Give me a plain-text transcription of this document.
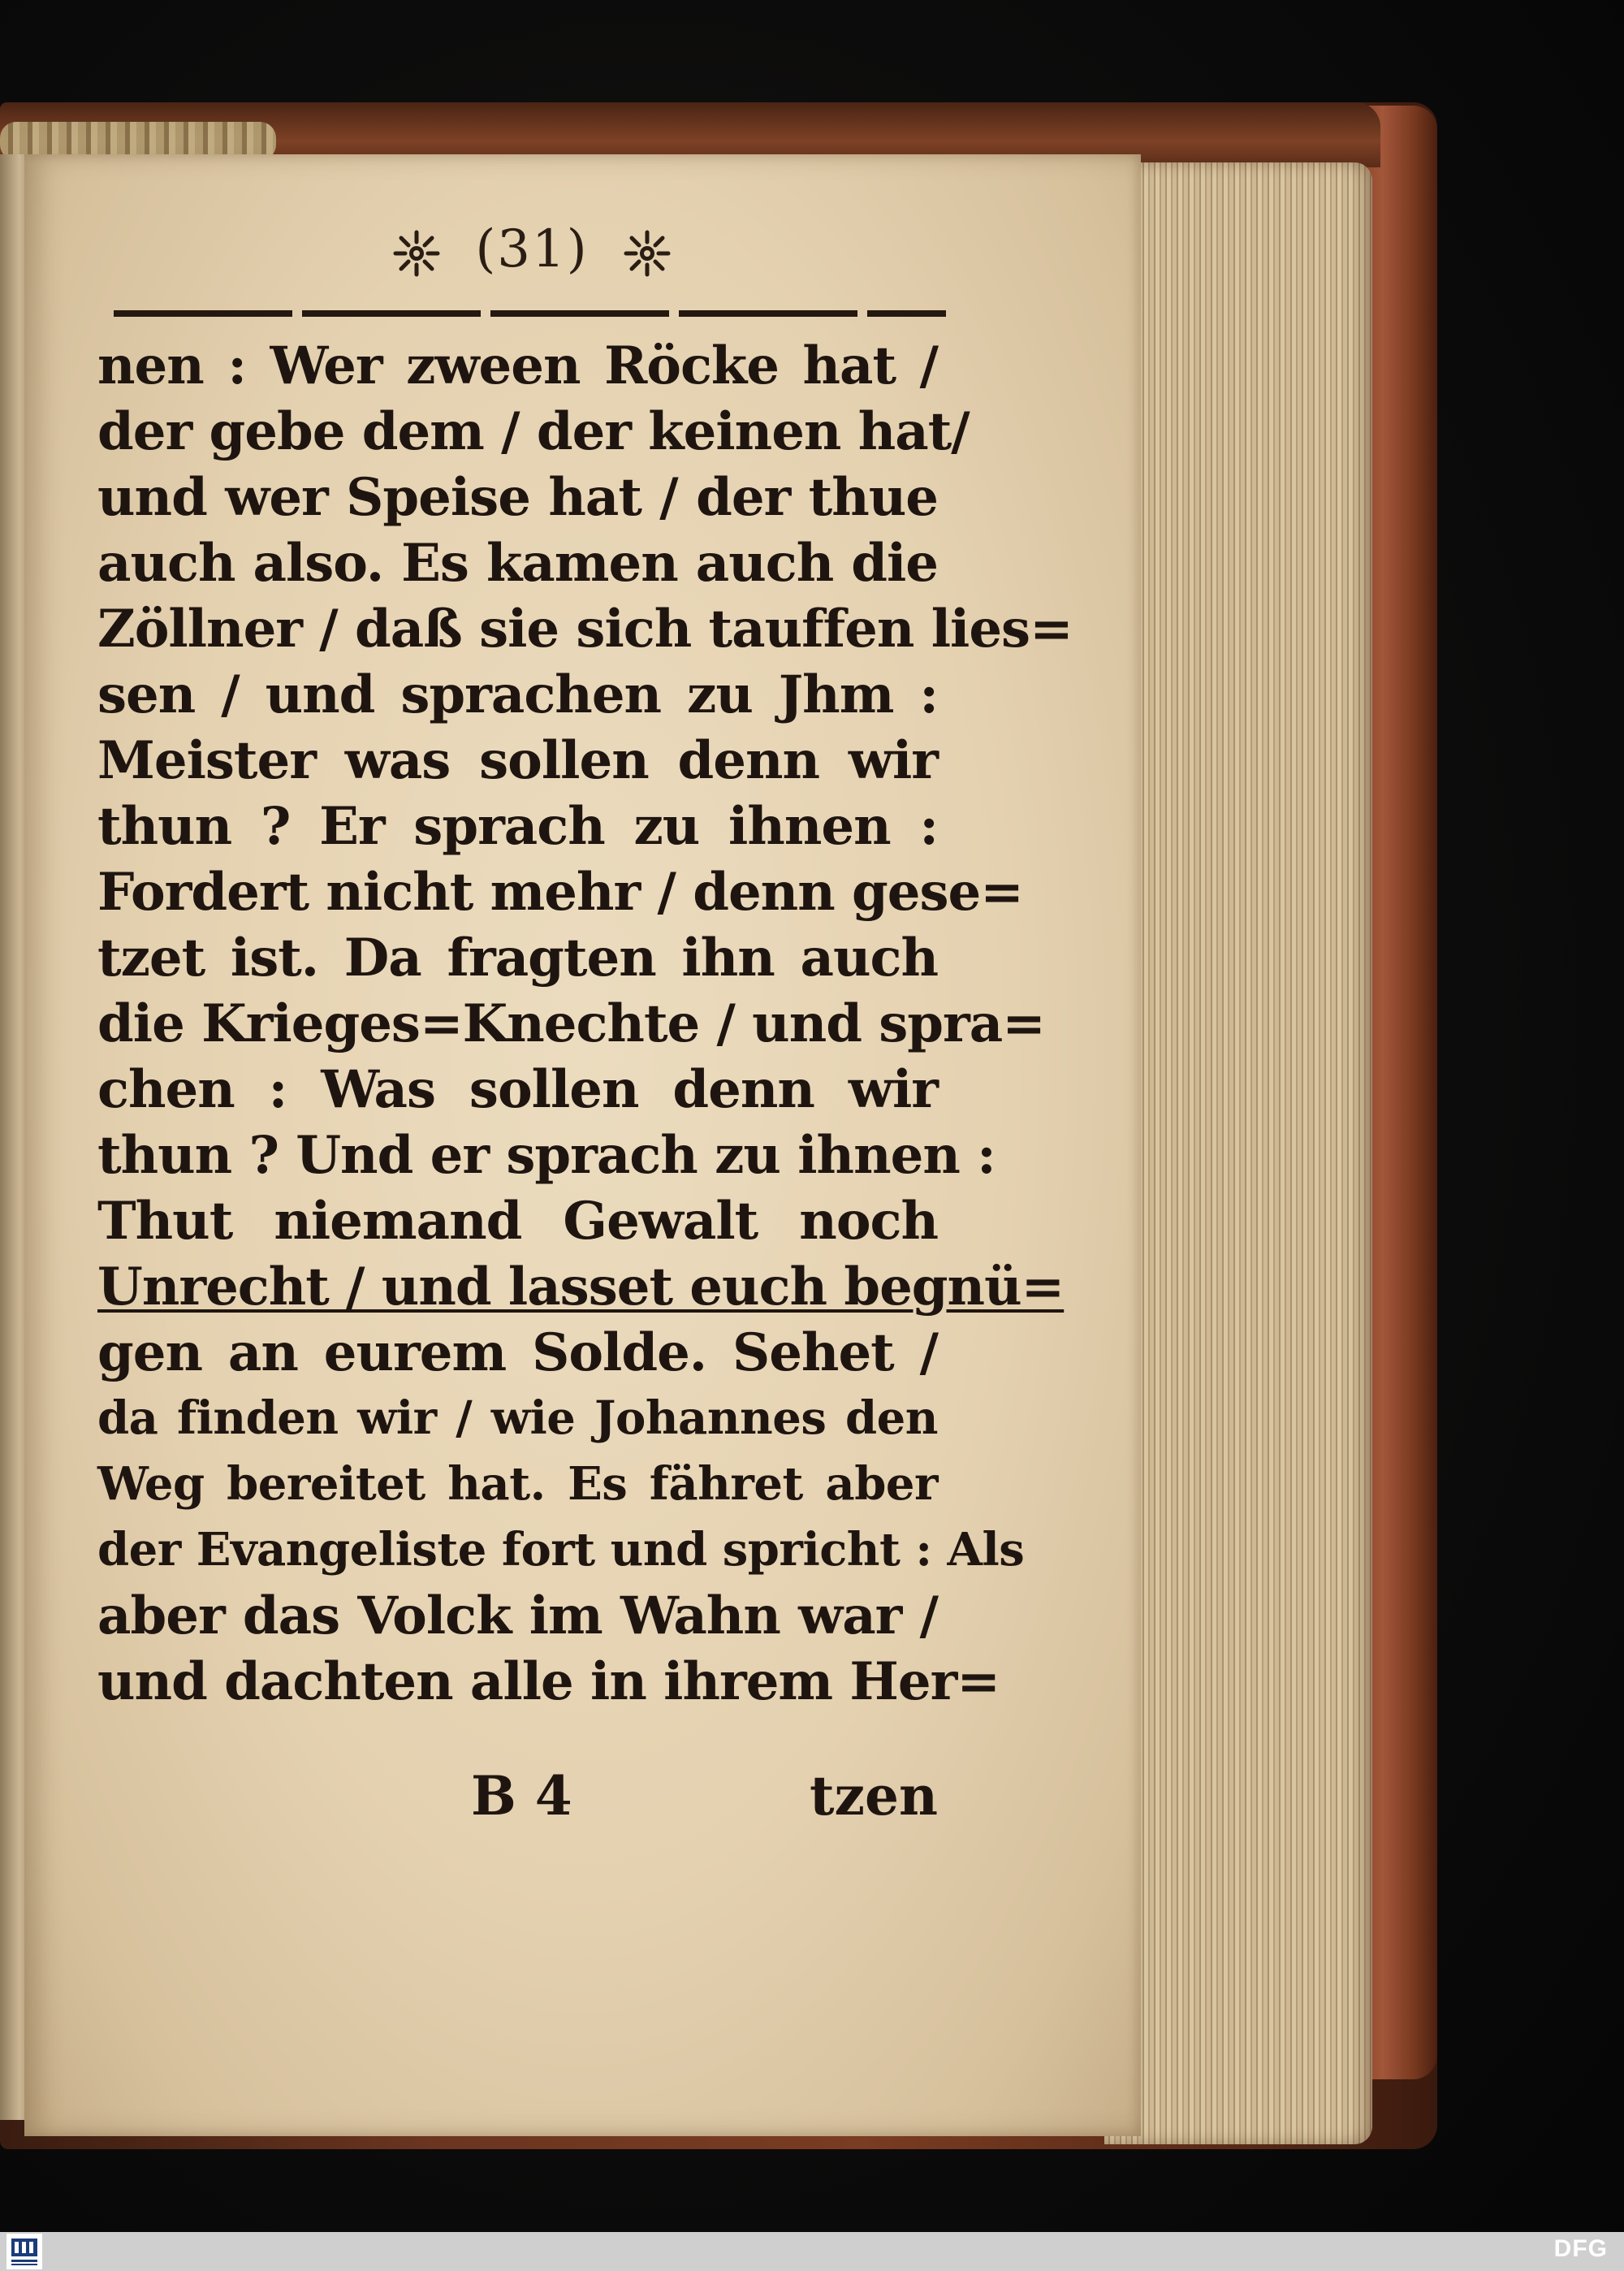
(31)
nen : Wer zween Röcke hat /
der gebe dem / der keinen hat/
und wer Speise hat / der thue
auch also. Es kamen auch die
Zöllner / daß sie sich tauffen lies=
sen / und sprachen zu Jhm :
Meister was sollen denn wir
thun ? Er sprach zu ihnen :
Fordert nicht mehr / denn gese=
tzet ist. Da fragten ihn auch
die Krieges=Knechte / und spra=
chen : Was sollen denn wir
thun ? Und er sprach zu ihnen :
Thut niemand Gewalt noch
Unrecht / und lasset euch begnü=
gen an eurem Solde. Sehet /
da finden wir / wie Johannes den
Weg bereitet hat. Es fähret aber
der Evangeliste fort und spricht : Als
aber das Volck im Wahn war /
und dachten alle in ihrem Her=
B 4	tzen
DFG
